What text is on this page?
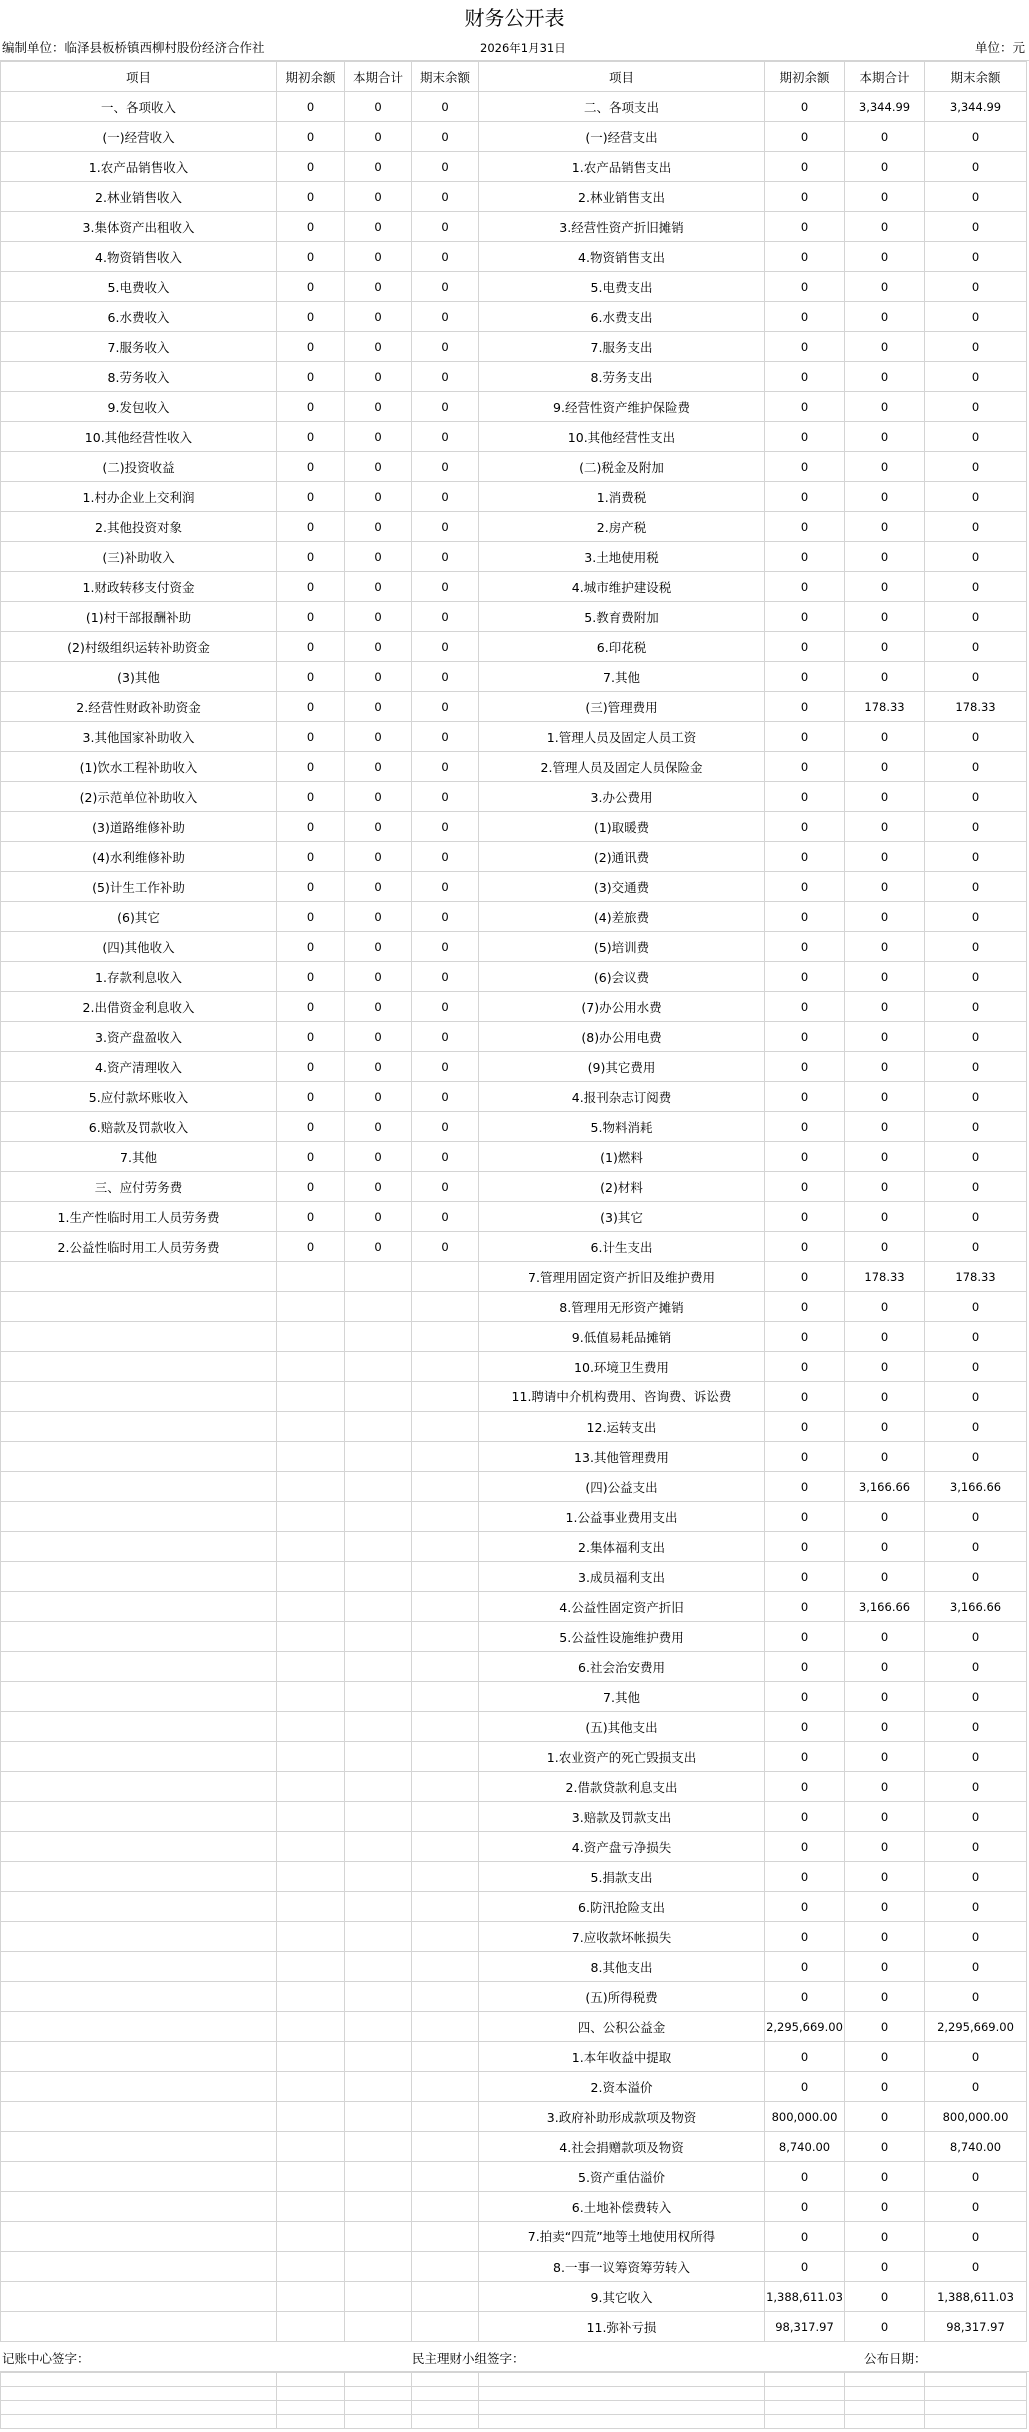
财务公开表
编制单位：临泽县板桥镇西柳村股份经济合作社	2026年1月31日	单位：元
项目	期初余额	本期合计	期末余额	项目	期初余额	本期合计	期末余额
一、各项收入	0	0	0	二、各项支出	0	3,344.99	3,344.99
(一)经营收入	0	0	0	(一)经营支出	0	0	0
1.农产品销售收入	0	0	0	1.农产品销售支出	0	0	0
2.林业销售收入	0	0	0	2.林业销售支出	0	0	0
3.集体资产出租收入	0	0	0	3.经营性资产折旧摊销	0	0	0
4.物资销售收入	0	0	0	4.物资销售支出	0	0	0
5.电费收入	0	0	0	5.电费支出	0	0	0
6.水费收入	0	0	0	6.水费支出	0	0	0
7.服务收入	0	0	0	7.服务支出	0	0	0
8.劳务收入	0	0	0	8.劳务支出	0	0	0
9.发包收入	0	0	0	9.经营性资产维护保险费	0	0	0
10.其他经营性收入	0	0	0	10.其他经营性支出	0	0	0
(二)投资收益	0	0	0	(二)税金及附加	0	0	0
1.村办企业上交利润	0	0	0	1.消费税	0	0	0
2.其他投资对象	0	0	0	2.房产税	0	0	0
(三)补助收入	0	0	0	3.土地使用税	0	0	0
1.财政转移支付资金	0	0	0	4.城市维护建设税	0	0	0
(1)村干部报酬补助	0	0	0	5.教育费附加	0	0	0
(2)村级组织运转补助资金	0	0	0	6.印花税	0	0	0
(3)其他	0	0	0	7.其他	0	0	0
2.经营性财政补助资金	0	0	0	(三)管理费用	0	178.33	178.33
3.其他国家补助收入	0	0	0	1.管理人员及固定人员工资	0	0	0
(1)饮水工程补助收入	0	0	0	2.管理人员及固定人员保险金	0	0	0
(2)示范单位补助收入	0	0	0	3.办公费用	0	0	0
(3)道路维修补助	0	0	0	(1)取暖费	0	0	0
(4)水利维修补助	0	0	0	(2)通讯费	0	0	0
(5)计生工作补助	0	0	0	(3)交通费	0	0	0
(6)其它	0	0	0	(4)差旅费	0	0	0
(四)其他收入	0	0	0	(5)培训费	0	0	0
1.存款利息收入	0	0	0	(6)会议费	0	0	0
2.出借资金利息收入	0	0	0	(7)办公用水费	0	0	0
3.资产盘盈收入	0	0	0	(8)办公用电费	0	0	0
4.资产清理收入	0	0	0	(9)其它费用	0	0	0
5.应付款坏账收入	0	0	0	4.报刊杂志订阅费	0	0	0
6.赔款及罚款收入	0	0	0	5.物料消耗	0	0	0
7.其他	0	0	0	(1)燃料	0	0	0
三、应付劳务费	0	0	0	(2)材料	0	0	0
1.生产性临时用工人员劳务费	0	0	0	(3)其它	0	0	0
2.公益性临时用工人员劳务费	0	0	0	6.计生支出	0	0	0
				7.管理用固定资产折旧及维护费用	0	178.33	178.33
				8.管理用无形资产摊销	0	0	0
				9.低值易耗品摊销	0	0	0
				10.环境卫生费用	0	0	0
				11.聘请中介机构费用、咨询费、诉讼费	0	0	0
				12.运转支出	0	0	0
				13.其他管理费用	0	0	0
				(四)公益支出	0	3,166.66	3,166.66
				1.公益事业费用支出	0	0	0
				2.集体福利支出	0	0	0
				3.成员福利支出	0	0	0
				4.公益性固定资产折旧	0	3,166.66	3,166.66
				5.公益性设施维护费用	0	0	0
				6.社会治安费用	0	0	0
				7.其他	0	0	0
				(五)其他支出	0	0	0
				1.农业资产的死亡毁损支出	0	0	0
				2.借款贷款利息支出	0	0	0
				3.赔款及罚款支出	0	0	0
				4.资产盘亏净损失	0	0	0
				5.捐款支出	0	0	0
				6.防汛抢险支出	0	0	0
				7.应收款坏帐损失	0	0	0
				8.其他支出	0	0	0
				(五)所得税费	0	0	0
				四、公积公益金	2,295,669.00	0	2,295,669.00
				1.本年收益中提取	0	0	0
				2.资本溢价	0	0	0
				3.政府补助形成款项及物资	800,000.00	0	800,000.00
				4.社会捐赠款项及物资	8,740.00	0	8,740.00
				5.资产重估溢价	0	0	0
				6.土地补偿费转入	0	0	0
				7.拍卖“四荒”地等土地使用权所得	0	0	0
				8.一事一议筹资筹劳转入	0	0	0
				9.其它收入	1,388,611.03	0	1,388,611.03
				11.弥补亏损	98,317.97	0	98,317.97
记账中心签字：	民主理财小组签字：	公布日期：
